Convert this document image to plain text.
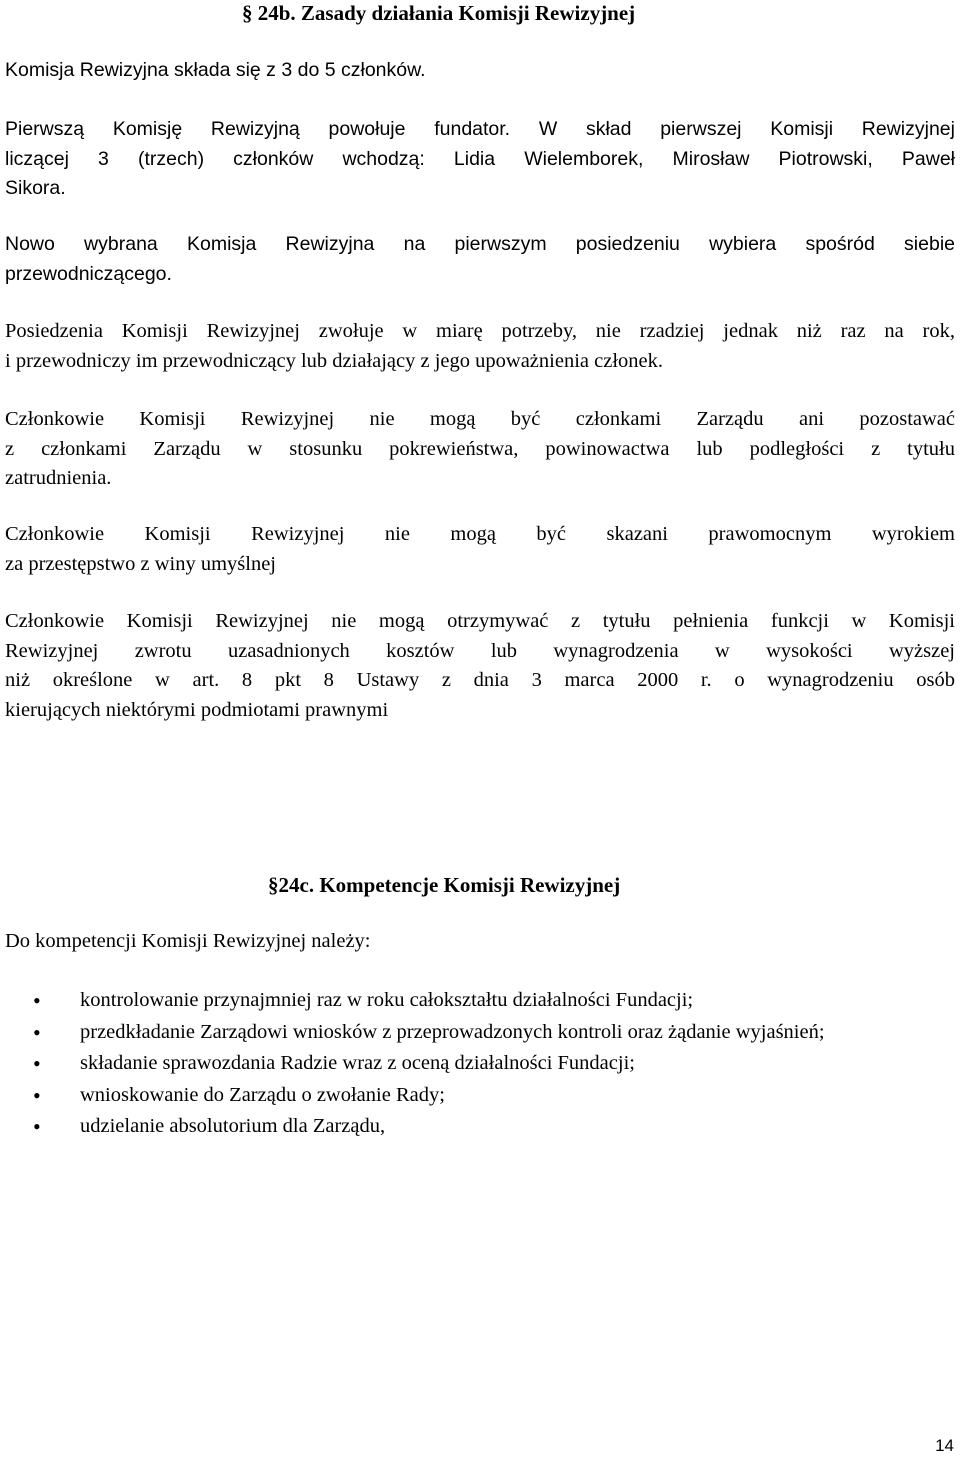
§ 24b. Zasady działania Komisji Rewizyjnej
Komisja Rewizyjna składa się z 3 do 5 członków.
Pierwszą Komisję Rewizyjną powołuje fundator. W skład pierwszej Komisji Rewizyjnej
liczącej 3 (trzech) członków wchodzą: Lidia Wielemborek, Mirosław Piotrowski, Paweł
Sikora.
Nowo wybrana Komisja Rewizyjna na pierwszym posiedzeniu wybiera spośród siebie
przewodniczącego.
Posiedzenia Komisji Rewizyjnej zwołuje w miarę potrzeby, nie rzadziej jednak niż raz na rok,
i przewodniczy im przewodniczący lub działający z jego upoważnienia członek.
Członkowie Komisji Rewizyjnej nie mogą być członkami Zarządu ani pozostawać
z członkami Zarządu w stosunku pokrewieństwa, powinowactwa lub podległości z tytułu
zatrudnienia.
Członkowie Komisji Rewizyjnej nie mogą być skazani prawomocnym wyrokiem
za przestępstwo z winy umyślnej
Członkowie Komisji Rewizyjnej nie mogą otrzymywać z tytułu pełnienia funkcji w Komisji
Rewizyjnej zwrotu uzasadnionych kosztów lub wynagrodzenia w wysokości wyższej
niż określone w art. 8 pkt 8 Ustawy z dnia 3 marca 2000 r. o wynagrodzeniu osób
kierujących niektórymi podmiotami prawnymi
§24c. Kompetencje Komisji Rewizyjnej
Do kompetencji Komisji Rewizyjnej należy:
• kontrolowanie przynajmniej raz w roku całokształtu działalności Fundacji;
• przedkładanie Zarządowi wniosków z przeprowadzonych kontroli oraz żądanie wyjaśnień;
• składanie sprawozdania Radzie wraz z oceną działalności Fundacji;
• wnioskowanie do Zarządu o zwołanie Rady;
• udzielanie absolutorium dla Zarządu,
14
